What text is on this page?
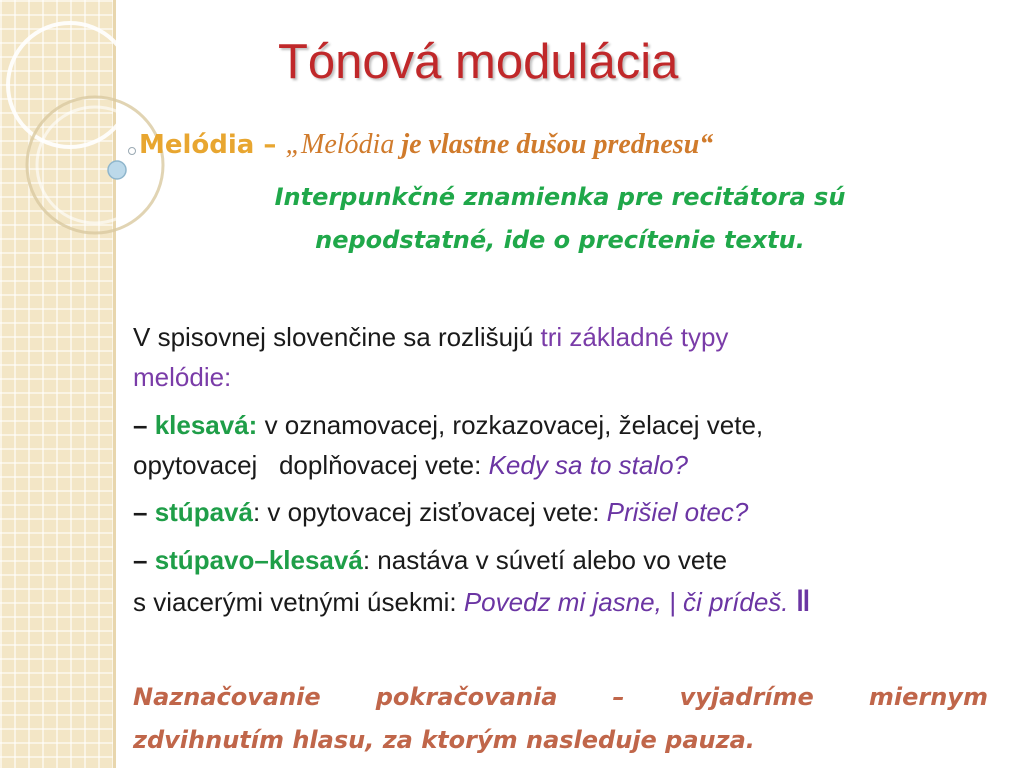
Tónová modulácia
Melódia – „Melódia je vlastne dušou prednesu“
Interpunkčné znamienka pre recitátora sú
nepodstatné, ide o precítenie textu.
V spisovnej slovenčine sa rozlišujú tri základné typy
melódie:
– klesavá: v oznamovacej, rozkazovacej, želacej vete,
opytovacej   doplňovacej vete: Kedy sa to stalo?
– stúpavá: v opytovacej zisťovacej vete: Prišiel otec?
– stúpavo–klesavá: nastáva v súvetí alebo vo vete
s viacerými vetnými úsekmi: Povedz mi jasne, | či prídeš. ‖
Naznačovanie pokračovania – vyjadríme miernym
zdvihnutím hlasu, za ktorým nasleduje pauza.
